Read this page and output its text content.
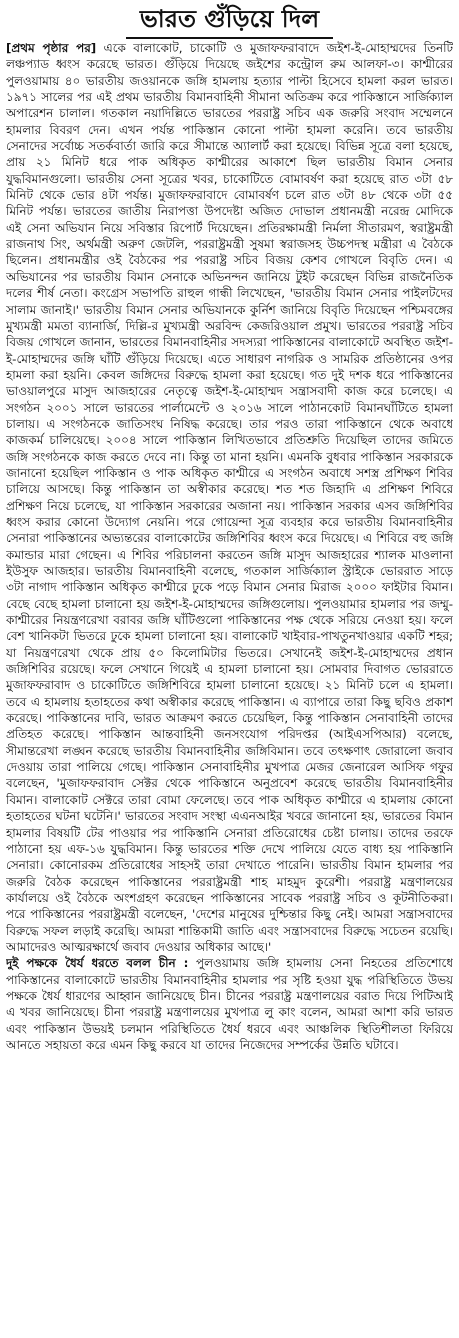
ভারত গুঁড়িয়ে দিল

[প্রথম পৃষ্ঠার পর] একে বালাকোট, চাকোটি ও মুজাফফরাবাদে জইশ-ই-মোহাম্মদের তিনটি লঞ্চপ্যাড ধ্বংস করেছে ভারত। গুঁড়িয়ে দিয়েছে জইশের কন্ট্রোল রুম আলফা-৩। কাশ্মীরের পুলওয়ামায় ৪০ ভারতীয় জওয়ানকে জঙ্গি হামলায় হত্যার পাল্টা হিসেবে হামলা করল ভারত। ১৯৭১ সালের পর এই প্রথম ভারতীয় বিমানবাহিনী সীমানা অতিক্রম করে পাকিস্তানে সার্জিক্যাল অপারেশন চালাল। গতকাল নয়াদিল্লিতে ভারতের পররাষ্ট্র সচিব এক জরুরি সংবাদ সম্মেলনে হামলার বিবরণ দেন। এখন পর্যন্ত পাকিস্তান কোনো পাল্টা হামলা করেনি। তবে ভারতীয় সেনাদের সর্বোচ্চ সতর্কবার্তা জারি করে সীমান্তে অ্যালার্ট করা হয়েছে। বিভিন্ন সূত্রে বলা হয়েছে, প্রায় ২১ মিনিট ধরে পাক অধিকৃত কাশ্মীরের আকাশে ছিল ভারতীয় বিমান সেনার যুদ্ধবিমানগুলো। ভারতীয় সেনা সূত্রের খবর, চাকোটিতে বোমাবর্ষণ করা হয়েছে রাত ৩টা ৫৮ মিনিট থেকে ভোর ৪টা পর্যন্ত। মুজাফফরাবাদে বোমাবর্ষণ চলে রাত ৩টা ৪৮ থেকে ৩টা ৫৫ মিনিট পর্যন্ত। ভারতের জাতীয় নিরাপত্তা উপদেষ্টা অজিত দোভাল প্রধানমন্ত্রী নরেন্দ্র মোদিকে এই সেনা অভিযান নিয়ে সবিস্তার রিপোর্ট দিয়েছেন। প্রতিরক্ষামন্ত্রী নির্মলা সীতারমণ, স্বরাষ্ট্রমন্ত্রী রাজনাথ সিং, অর্থমন্ত্রী অরুণ জেটলি, পররাষ্ট্রমন্ত্রী সুষমা স্বরাজসহ উচ্চপদস্থ মন্ত্রীরা এ বৈঠকে ছিলেন। প্রধানমন্ত্রীর ওই বৈঠকের পর পররাষ্ট্র সচিব বিজয় কেশব গোখলে বিবৃতি দেন। এ অভিযানের পর ভারতীয় বিমান সেনাকে অভিনন্দন জানিয়ে টুইট করেছেন বিভিন্ন রাজনৈতিক দলের শীর্ষ নেতা। কংগ্রেস সভাপতি রাহুল গান্ধী লিখেছেন, 'ভারতীয় বিমান সেনার পাইলটদের সালাম জানাই।' ভারতীয় বিমান সেনার অভিযানকে কুর্নিশ জানিয়ে বিবৃতি দিয়েছেন পশ্চিমবঙ্গের মুখ্যমন্ত্রী মমতা ব্যানার্জি, দিল্লি-র মুখ্যমন্ত্রী অরবিন্দ কেজরিওয়াল প্রমুখ। ভারতের পররাষ্ট্র সচিব বিজয় গোখলে জানান, ভারতের বিমানবাহিনীর সদস্যরা পাকিস্তানের বালাকোটে অবস্থিত জইশ-ই-মোহাম্মদের জঙ্গি ঘাঁটি গুঁড়িয়ে দিয়েছে। এতে সাধারণ নাগরিক ও সামরিক প্রতিষ্ঠানের ওপর হামলা করা হয়নি। কেবল জঙ্গিদের বিরুদ্ধে হামলা করা হয়েছে। গত দুই দশক ধরে পাকিস্তানের ভাওয়ালপুরে মাসুদ আজহারের নেতৃত্বে জইশ-ই-মোহাম্মদ সন্ত্রাসবাদী কাজ করে চলেছে। এ সংগঠন ২০০১ সালে ভারতের পার্লামেন্টে ও ২০১৬ সালে পাঠানকোট বিমানঘাঁটিতে হামলা চালায়। এ সংগঠনকে জাতিসংঘ নিষিদ্ধ করেছে। তার পরও তারা পাকিস্তানে থেকে অবাধে কাজকর্ম চালিয়েছে। ২০০৪ সালে পাকিস্তান লিখিতভাবে প্রতিশ্রুতি দিয়েছিল তাদের জমিতে জঙ্গি সংগঠনকে কাজ করতে দেবে না। কিন্তু তা মানা হয়নি। এমনকি বুধবার পাকিস্তান সরকারকে জানানো হয়েছিল পাকিস্তান ও পাক অধিকৃত কাশ্মীরে এ সংগঠন অবাধে সশস্ত্র প্রশিক্ষণ শিবির চালিয়ে আসছে। কিন্তু পাকিস্তান তা অস্বীকার করেছে। শত শত জিহাদি এ প্রশিক্ষণ শিবিরে প্রশিক্ষণ নিয়ে চলেছে, যা পাকিস্তান সরকারের অজানা নয়। পাকিস্তান সরকার এসব জঙ্গিশিবির ধ্বংস করার কোনো উদ্যোগ নেয়নি। পরে গোয়েন্দা সূত্র ব্যবহার করে ভারতীয় বিমানবাহিনীর সেনারা পাকিস্তানের অভ্যন্তরের বালাকোটের জঙ্গিশিবির ধ্বংস করে দিয়েছে। এ শিবিরে বহু জঙ্গি কমান্ডার মারা গেছেন। এ শিবির পরিচালনা করতেন জঙ্গি মাসুদ আজহারের শ্যালক মাওলানা ইউসুফ আজহার। ভারতীয় বিমানবাহিনী বলেছে, গতকাল সার্জিক্যাল স্ট্রাইকে ভোররাত সাড়ে ৩টা নাগাদ পাকিস্তান অধিকৃত কাশ্মীরে ঢুকে পড়ে বিমান সেনার মিরাজ ২০০০ ফাইটার বিমান। বেছে বেছে হামলা চালানো হয় জইশ-ই-মোহাম্মদের জঙ্গিগুলোয়। পুলওয়ামার হামলার পর জম্মু-কাশ্মীরের নিয়ন্ত্রণরেখা বরাবর জঙ্গি ঘাঁটিগুলো পাকিস্তানের পক্ষ থেকে সরিয়ে নেওয়া হয়। ফলে বেশ খানিকটা ভিতরে ঢুকে হামলা চালানো হয়। বালাকোট খাইবার-পাখতুনখাওয়ার একটি শহর; যা নিয়ন্ত্রণরেখা থেকে প্রায় ৫০ কিলোমিটার ভিতরে। সেখানেই জইশ-ই-মোহাম্মদের প্রধান জঙ্গিশিবির রয়েছে। ফলে সেখানে গিয়েই এ হামলা চালানো হয়। সোমবার দিবাগত ভোররাতে মুজাফফরাবাদ ও চাকোটিতে জঙ্গিশিবিরে হামলা চালানো হয়েছে। ২১ মিনিট চলে এ হামলা। তবে এ হামলায় হতাহতের কথা অস্বীকার করেছে পাকিস্তান। এ ব্যাপারে তারা কিছু ছবিও প্রকাশ করেছে। পাকিস্তানের দাবি, ভারত আক্রমণ করতে চেয়েছিল, কিন্তু পাকিস্তান সেনাবাহিনী তাদের প্রতিহত করেছে। পাকিস্তান আন্তবাহিনী জনসংযোগ পরিদপ্তর (আইএসপিআর) বলেছে, সীমান্তরেখা লঙ্ঘন করেছে ভারতীয় বিমানবাহিনীর জঙ্গিবিমান। তবে তৎক্ষণাৎ জোরালো জবাব দেওয়ায় তারা পালিয়ে গেছে। পাকিস্তান সেনাবাহিনীর মুখপাত্র মেজর জেনারেল আসিফ গফুর বলেছেন, 'মুজাফফরাবাদ সেক্টর থেকে পাকিস্তানে অনুপ্রবেশ করেছে ভারতীয় বিমানবাহিনীর বিমান। বালাকোট সেক্টরে তারা বোমা ফেলেছে। তবে পাক অধিকৃত কাশ্মীরে এ হামলায় কোনো হতাহতের ঘটনা ঘটেনি।' ভারতের সংবাদ সংস্থা এএনআইর খবরে জানানো হয়, ভারতের বিমান হামলার বিষয়টি টের পাওয়ার পর পাকিস্তানি সেনারা প্রতিরোধের চেষ্টা চালায়। তাদের তরফে পাঠানো হয় এফ-১৬ যুদ্ধবিমান। কিন্তু ভারতের শক্তি দেখে পালিয়ে যেতে বাধ্য হয় পাকিস্তানি সেনারা। কোনোরকম প্রতিরোধের সাহসই তারা দেখাতে পারেনি। ভারতীয় বিমান হামলার পর জরুরি বৈঠক করেছেন পাকিস্তানের পররাষ্ট্রমন্ত্রী শাহ মাহমুদ কুরেশী। পররাষ্ট্র মন্ত্রণালয়ের কার্যালয়ে ওই বৈঠকে অংশগ্রহণ করেছেন পাকিস্তানের সাবেক পররাষ্ট্র সচিব ও কূটনীতিকরা। পরে পাকিস্তানের পররাষ্ট্রমন্ত্রী বলেছেন, 'দেশের মানুষের দুশ্চিন্তার কিছু নেই। আমরা সন্ত্রাসবাদের বিরুদ্ধে সফল লড়াই করেছি। আমরা শান্তিকামী জাতি এবং সন্ত্রাসবাদের বিরুদ্ধে সচেতন রয়েছি। আমাদেরও আত্মরক্ষার্থে জবাব দেওয়ার অধিকার আছে।'

দুই পক্ষকে ধৈর্য ধরতে বলল চীন : পুলওয়ামায় জঙ্গি হামলায় সেনা নিহতের প্রতিশোধে পাকিস্তানের বালাকোটে ভারতীয় বিমানবাহিনীর হামলার পর সৃষ্টি হওয়া যুদ্ধ পরিস্থিতিতে উভয় পক্ষকে ধৈর্য ধারণের আহ্বান জানিয়েছে চীন। চীনের পররাষ্ট্র মন্ত্রণালয়ের বরাত দিয়ে পিটিআই এ খবর জানিয়েছে। চীনা পররাষ্ট্র মন্ত্রণালয়ের মুখপাত্র লু কাং বলেন, আমরা আশা করি ভারত এবং পাকিস্তান উভয়ই চলমান পরিস্থিতিতে ধৈর্য ধরবে এবং আঞ্চলিক স্থিতিশীলতা ফিরিয়ে আনতে সহায়তা করে এমন কিছু করবে যা তাদের নিজেদের সম্পর্কের উন্নতি ঘটাবে।
